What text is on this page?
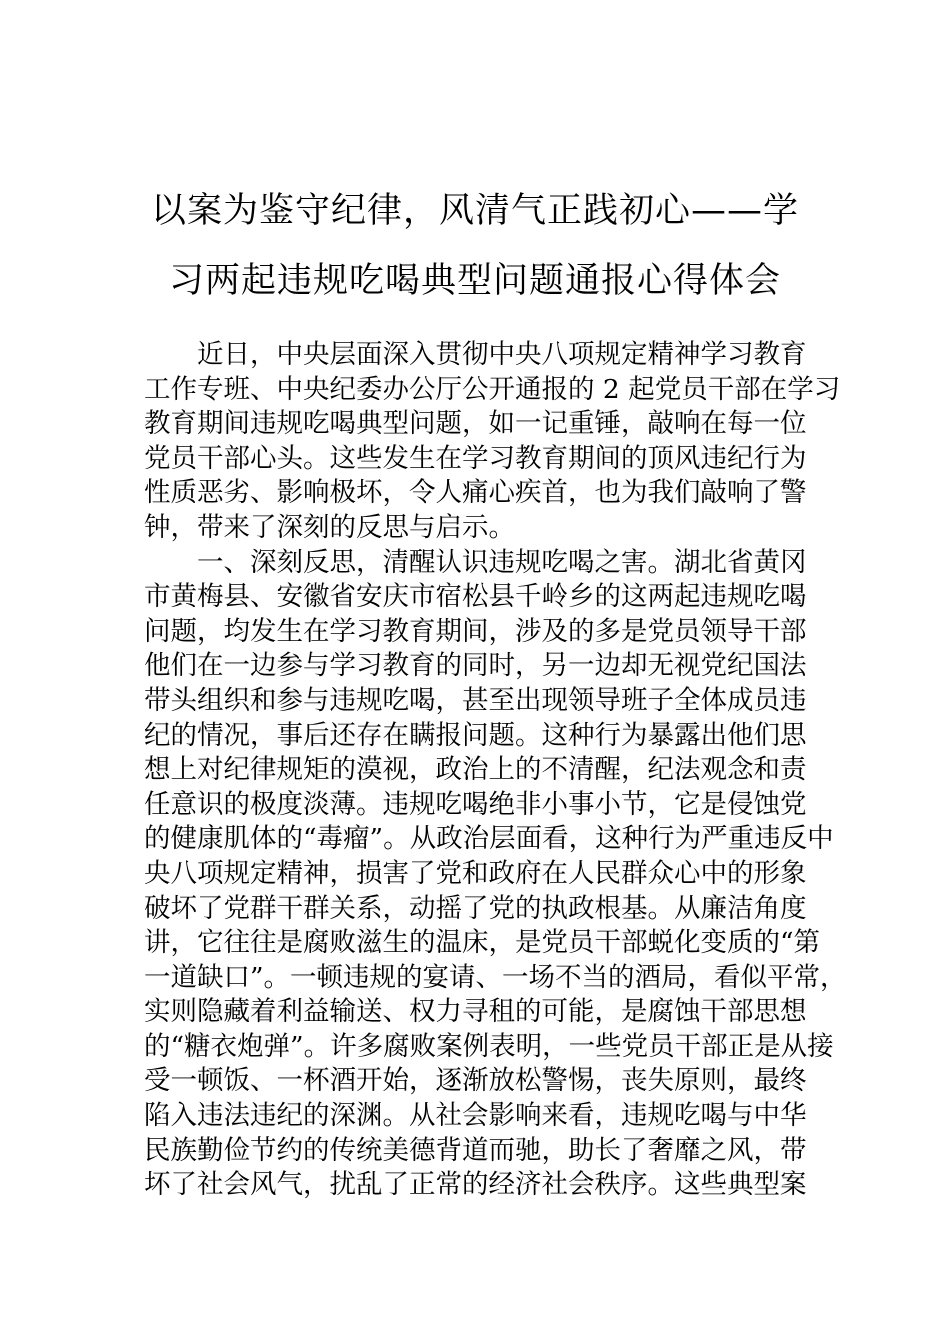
以案为鉴守纪律，风清气正践初心——学
习两起违规吃喝典型问题通报心得体会
近日，中央层面深入贯彻中央八项规定精神学习教育
工作专班、中央纪委办公厅公开通报的 2 起党员干部在学习
教育期间违规吃喝典型问题，如一记重锤，敲响在每一位
党员干部心头。这些发生在学习教育期间的顶风违纪行为
性质恶劣、影响极坏，令人痛心疾首，也为我们敲响了警
钟，带来了深刻的反思与启示。
一、深刻反思，清醒认识违规吃喝之害。湖北省黄冈
市黄梅县、安徽省安庆市宿松县千岭乡的这两起违规吃喝
问题，均发生在学习教育期间，涉及的多是党员领导干部
他们在一边参与学习教育的同时，另一边却无视党纪国法
带头组织和参与违规吃喝，甚至出现领导班子全体成员违
纪的情况，事后还存在瞒报问题。这种行为暴露出他们思
想上对纪律规矩的漠视，政治上的不清醒，纪法观念和责
任意识的极度淡薄。违规吃喝绝非小事小节，它是侵蚀党
的健康肌体的“毒瘤”。从政治层面看，这种行为严重违反中
央八项规定精神，损害了党和政府在人民群众心中的形象
破坏了党群干群关系，动摇了党的执政根基。从廉洁角度
讲，它往往是腐败滋生的温床，是党员干部蜕化变质的“第
一道缺口”。一顿违规的宴请、一场不当的酒局，看似平常，
实则隐藏着利益输送、权力寻租的可能，是腐蚀干部思想
的“糖衣炮弹”。许多腐败案例表明，一些党员干部正是从接
受一顿饭、一杯酒开始，逐渐放松警惕，丧失原则，最终
陷入违法违纪的深渊。从社会影响来看，违规吃喝与中华
民族勤俭节约的传统美德背道而驰，助长了奢靡之风，带
坏了社会风气，扰乱了正常的经济社会秩序。这些典型案
